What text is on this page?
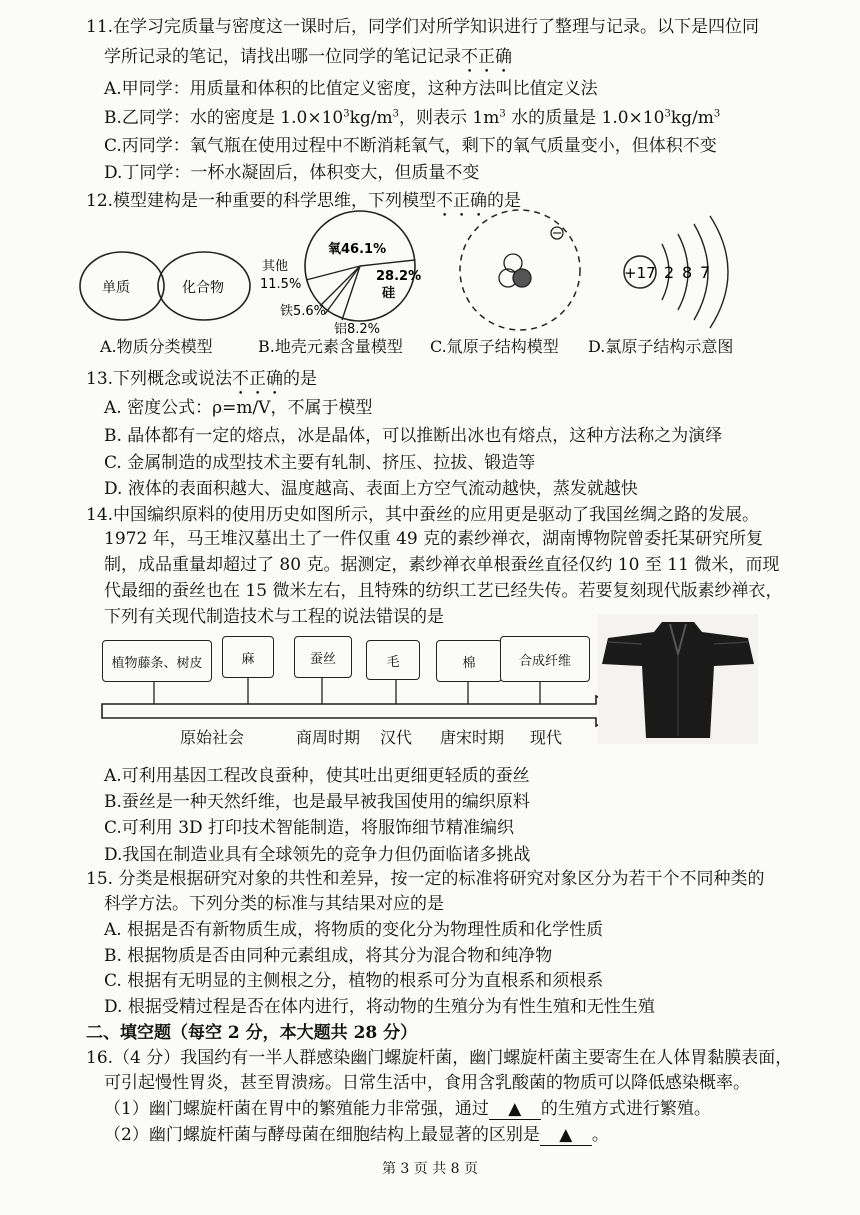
11.在学习完质量与密度这一课时后，同学们对所学知识进行了整理与记录。以下是四位同
学所记录的笔记，请找出哪一位同学的笔记记录不正确
A.甲同学：用质量和体积的比值定义密度，这种方法叫比值定义法
B.乙同学：水的密度是 $1.0\times 10^3kg/m^3$，则表示 $1m^3$ 水的质量是 $1.0\times 10^3kg/m^3$
C.丙同学：氧气瓶在使用过程中不断消耗氧气，剩下的氧气质量变小，但体积不变
D.丁同学：一杯水凝固后，体积变大，但质量不变
12.模型建构是一种重要的科学思维，下列模型不正确的是
单质	化合物
氧46.1%
28.2%
硅
其他
11.5%
铁5.6%
铝8.2%
+17 2 8 7
A.物质分类模型	B.地壳元素含量模型 C.氚原子结构模型 D.氯原子结构示意图
13.下列概念或说法不正确的是
A. 密度公式：ρ=m/V，不属于模型
B. 晶体都有一定的熔点，冰是晶体，可以推断出冰也有熔点，这种方法称之为演绎
C. 金属制造的成型技术主要有轧制、挤压、拉拔、锻造等
D. 液体的表面积越大、温度越高、表面上方空气流动越快，蒸发就越快
14.中国编织原料的使用历史如图所示，其中蚕丝的应用更是驱动了我国丝绸之路的发展。
1972 年，马王堆汉墓出土了一件仅重 49 克的素纱禅衣，湖南博物院曾委托某研究所复
制，成品重量却超过了 80 克。据测定，素纱禅衣单根蚕丝直径仅约 10 至 11 微米，而现
代最细的蚕丝也在 15 微米左右，且特殊的纺织工艺已经失传。若要复刻现代版素纱禅衣，
下列有关现代制造技术与工程的说法错误的是
植物藤条、树皮	麻	蚕丝	毛	棉	合成纤维
原始社会	商周时期 汉代 唐宋时期 现代
A.可利用基因工程改良蚕种，使其吐出更细更轻质的蚕丝
B.蚕丝是一种天然纤维，也是最早被我国使用的编织原料
C.可利用 3D 打印技术智能制造，将服饰细节精准编织
D.我国在制造业具有全球领先的竞争力但仍面临诸多挑战
15. 分类是根据研究对象的共性和差异，按一定的标准将研究对象区分为若干个不同种类的
科学方法。下列分类的标准与其结果对应的是
A. 根据是否有新物质生成，将物质的变化分为物理性质和化学性质
B. 根据物质是否由同种元素组成，将其分为混合物和纯净物
C. 根据有无明显的主侧根之分，植物的根系可分为直根系和须根系
D. 根据受精过程是否在体内进行，将动物的生殖分为有性生殖和无性生殖
二、填空题（每空 2 分，本大题共 28 分）
16.（4 分）我国约有一半人群感染幽门螺旋杆菌，幽门螺旋杆菌主要寄生在人体胃黏膜表面，
可引起慢性胃炎，甚至胃溃疡。日常生活中，食用含乳酸菌的物质可以降低感染概率。
（1）幽门螺旋杆菌在胃中的繁殖能力非常强，通过 ▲ 的生殖方式进行繁殖。
（2）幽门螺旋杆菌与酵母菌在细胞结构上最显著的区别是 ▲ 。
第 3 页 共 8 页
